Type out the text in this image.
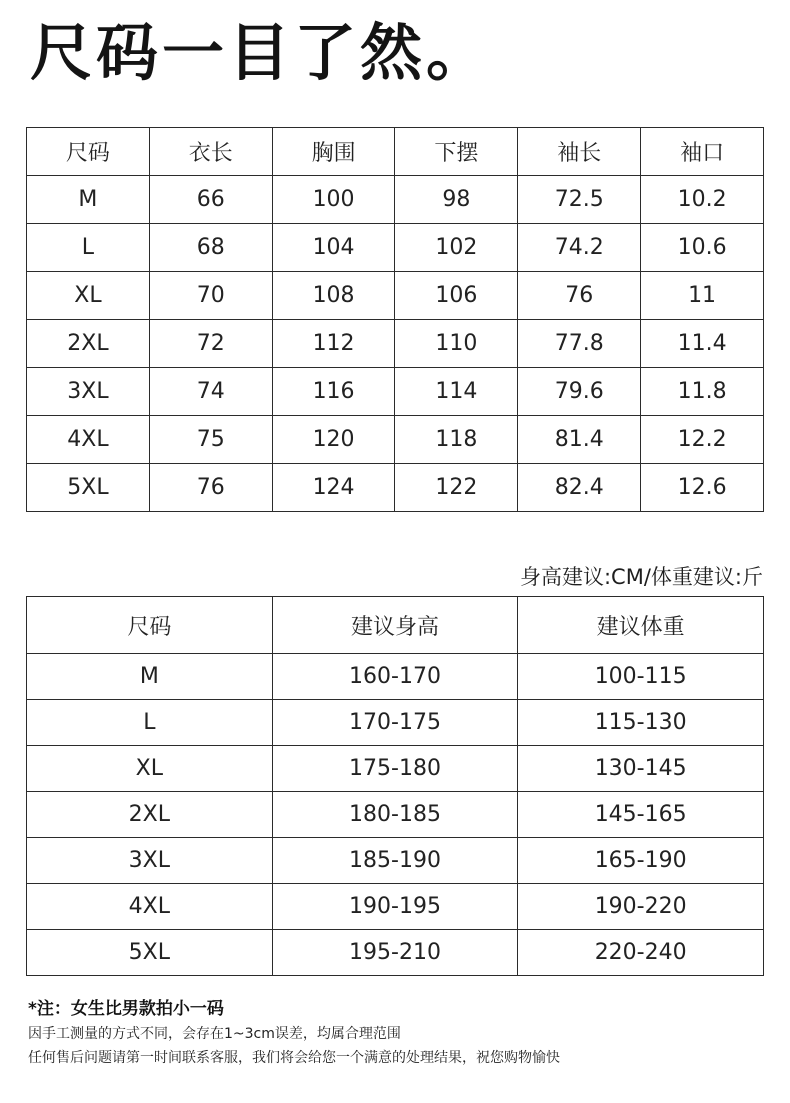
尺码一目了然。
尺码	衣长	胸围	下摆	袖长	袖口
M	66	100	98	72.5	10.2
L	68	104	102	74.2	10.6
XL	70	108	106	76	11
2XL	72	112	110	77.8	11.4
3XL	74	116	114	79.6	11.8
4XL	75	120	118	81.4	12.2
5XL	76	124	122	82.4	12.6
身高建议:CM/体重建议:斤
尺码	建议身高	建议体重
M	160-170	100-115
L	170-175	115-130
XL	175-180	130-145
2XL	180-185	145-165
3XL	185-190	165-190
4XL	190-195	190-220
5XL	195-210	220-240
*注：女生比男款拍小一码
因手工测量的方式不同，会存在1~3cm误差，均属合理范围
任何售后问题请第一时间联系客服，我们将会给您一个满意的处理结果，祝您购物愉快
